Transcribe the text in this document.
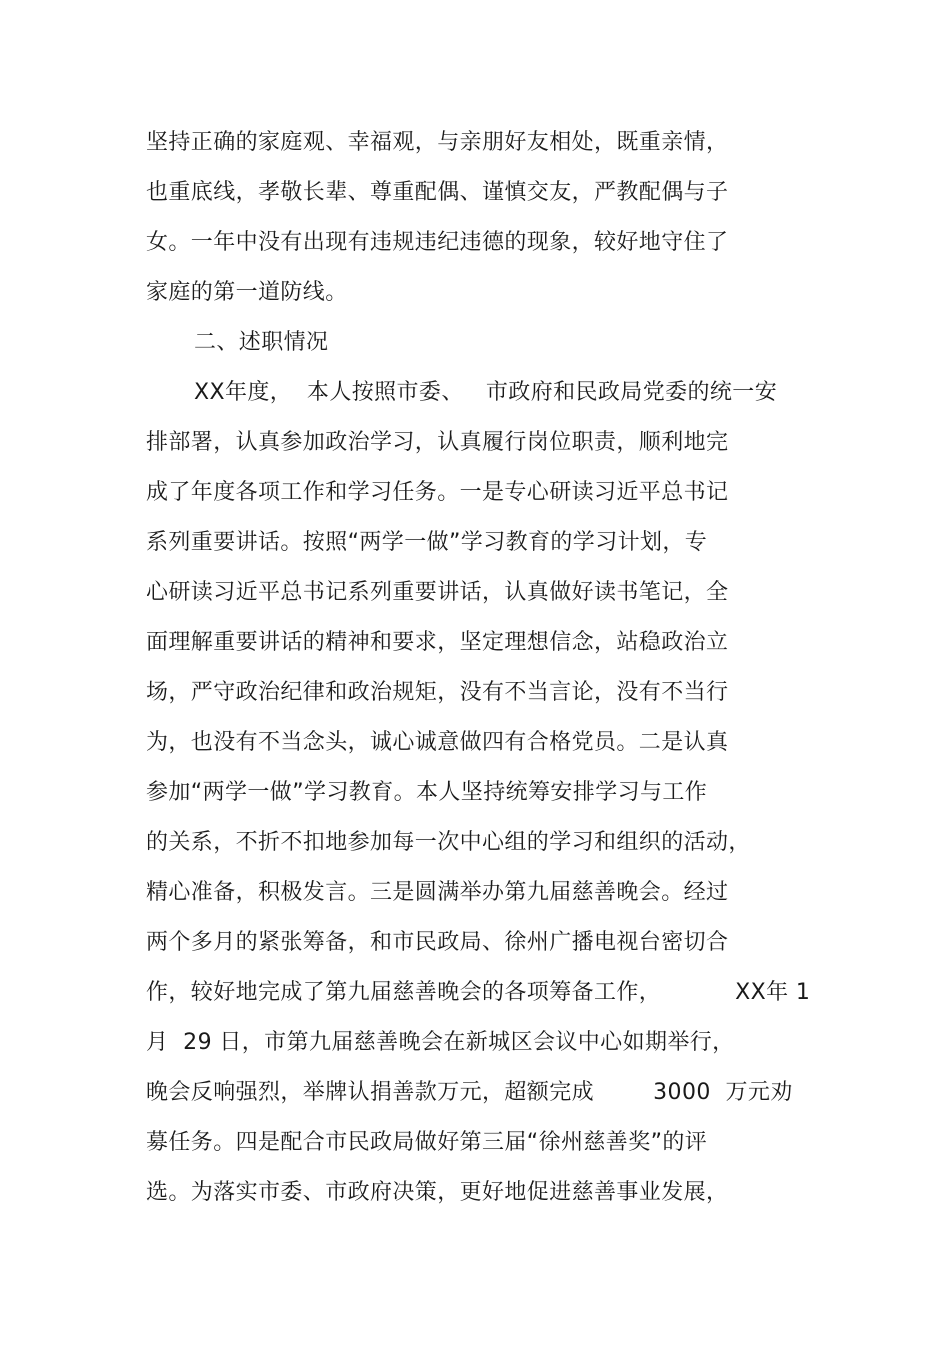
坚持正确的家庭观、幸福观，与亲朋好友相处，既重亲情，
也重底线，孝敬长辈、尊重配偶、谨慎交友，严教配偶与子
女。一年中没有出现有违规违纪违德的现象，较好地守住了
家庭的第一道防线。
二、述职情况
XX年度，  本人按照市委、   市政府和民政局党委的统一安
排部署，认真参加政治学习，认真履行岗位职责，顺利地完
成了年度各项工作和学习任务。一是专心研读习近平总书记
系列重要讲话。按照“两学一做”学习教育的学习计划，专
心研读习近平总书记系列重要讲话，认真做好读书笔记，全
面理解重要讲话的精神和要求，坚定理想信念，站稳政治立
场，严守政治纪律和政治规矩，没有不当言论，没有不当行
为，也没有不当念头，诚心诚意做四有合格党员。二是认真
参加“两学一做”学习教育。本人坚持统筹安排学习与工作
的关系，不折不扣地参加每一次中心组的学习和组织的活动，
精心准备，积极发言。三是圆满举办第九届慈善晚会。经过
两个多月的紧张筹备，和市民政局、徐州广播电视台密切合
作，较好地完成了第九届慈善晚会的各项筹备工作，          XX年 1
月  29 日，市第九届慈善晚会在新城区会议中心如期举行，
晚会反响强烈，举牌认捐善款万元，超额完成        3000  万元劝
募任务。四是配合市民政局做好第三届“徐州慈善奖”的评
选。为落实市委、市政府决策，更好地促进慈善事业发展，
